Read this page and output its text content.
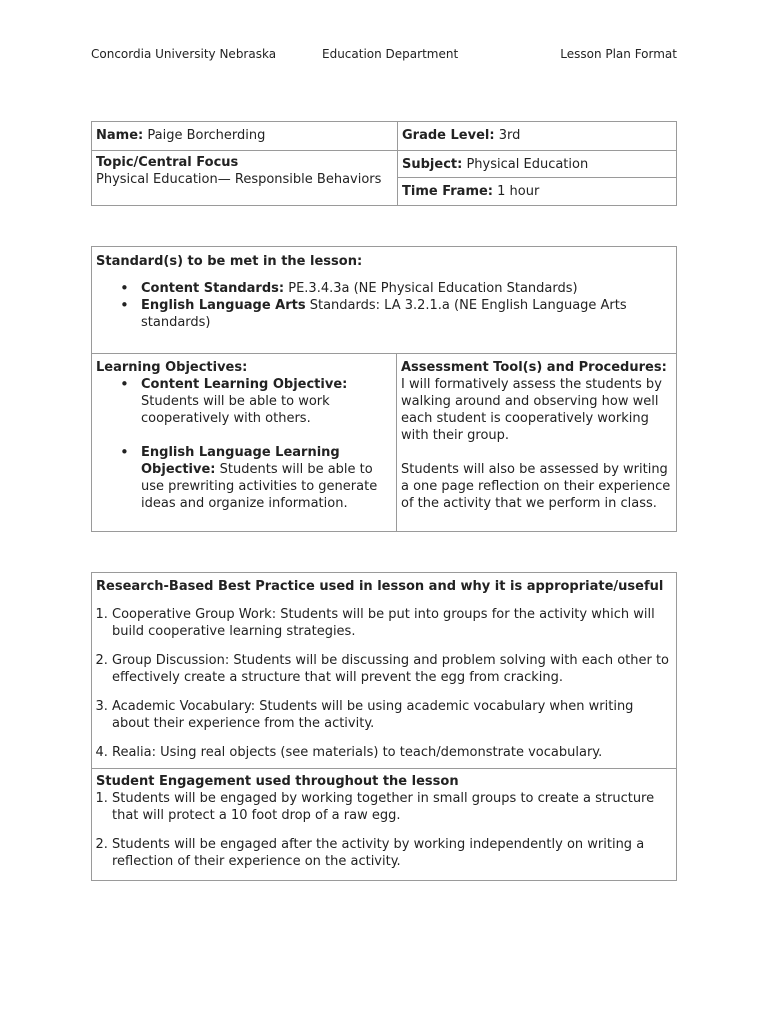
Concordia University Nebraska	Education Department	Lesson Plan Format
Name: Paige Borcherding	Grade Level: 3rd
Topic/Central Focus
Physical Education— Responsible Behaviors	Subject: Physical Education
	Time Frame: 1 hour
Standard(s) to be met in the lesson:
• Content Standards: PE.3.4.3a (NE Physical Education Standards)
• English Language Arts Standards: LA 3.2.1.a (NE English Language Arts standards)

Learning Objectives:
• Content Learning Objective: Students will be able to work cooperatively with others.
• English Language Learning Objective: Students will be able to use prewriting activities to generate ideas and organize information.
	Assessment Tool(s) and Procedures:
I will formatively assess the students by walking around and observing how well each student is cooperatively working with their group.
Students will also be assessed by writing a one page reflection on their experience of the activity that we perform in class.
Research-Based Best Practice used in lesson and why it is appropriate/useful
1. Cooperative Group Work: Students will be put into groups for the activity which will build cooperative learning strategies.
2. Group Discussion: Students will be discussing and problem solving with each other to effectively create a structure that will prevent the egg from cracking.
3. Academic Vocabulary: Students will be using academic vocabulary when writing about their experience from the activity.
4. Realia: Using real objects (see materials) to teach/demonstrate vocabulary.

Student Engagement used throughout the lesson
1. Students will be engaged by working together in small groups to create a structure that will protect a 10 foot drop of a raw egg.
2. Students will be engaged after the activity by working independently on writing a reflection of their experience on the activity.
